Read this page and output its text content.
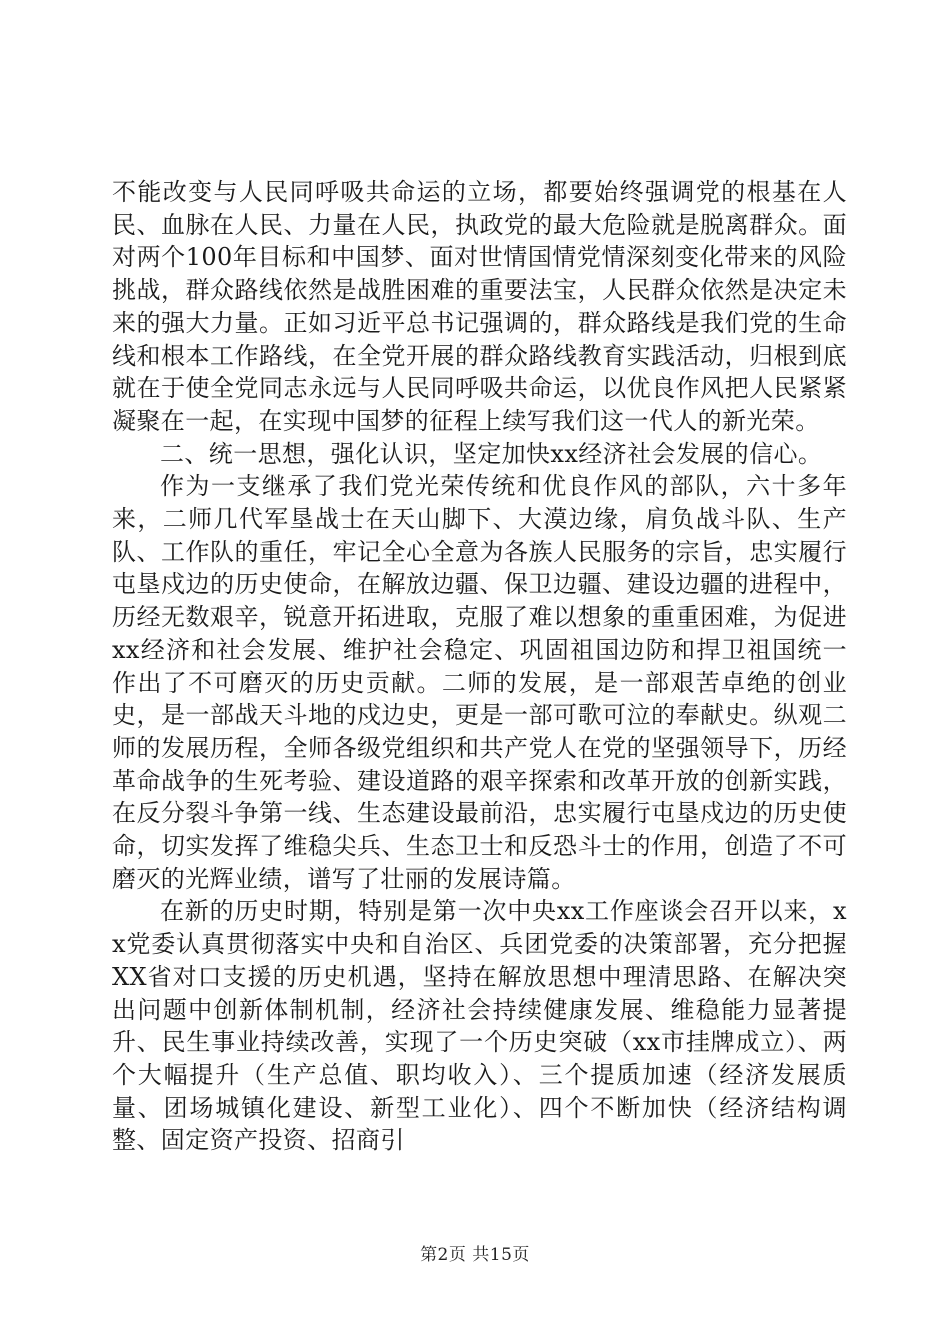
不能改变与人民同呼吸共命运的立场，都要始终强调党的根基在人民、血脉在人民、力量在人民，执政党的最大危险就是脱离群众。面对两个100年目标和中国梦、面对世情国情党情深刻变化带来的风险挑战，群众路线依然是战胜困难的重要法宝，人民群众依然是决定未来的强大力量。正如习近平总书记强调的，群众路线是我们党的生命线和根本工作路线，在全党开展的群众路线教育实践活动，归根到底就在于使全党同志永远与人民同呼吸共命运，以优良作风把人民紧紧凝聚在一起，在实现中国梦的征程上续写我们这一代人的新光荣。

二、统一思想，强化认识，坚定加快xx经济社会发展的信心。

作为一支继承了我们党光荣传统和优良作风的部队，六十多年来，二师几代军垦战士在天山脚下、大漠边缘，肩负战斗队、生产队、工作队的重任，牢记全心全意为各族人民服务的宗旨，忠实履行屯垦戍边的历史使命，在解放边疆、保卫边疆、建设边疆的进程中，历经无数艰辛，锐意开拓进取，克服了难以想象的重重困难，为促进xx经济和社会发展、维护社会稳定、巩固祖国边防和捍卫祖国统一作出了不可磨灭的历史贡献。二师的发展，是一部艰苦卓绝的创业史，是一部战天斗地的戍边史，更是一部可歌可泣的奉献史。纵观二师的发展历程，全师各级党组织和共产党人在党的坚强领导下，历经革命战争的生死考验、建设道路的艰辛探索和改革开放的创新实践，在反分裂斗争第一线、生态建设最前沿，忠实履行屯垦戍边的历史使命，切实发挥了维稳尖兵、生态卫士和反恐斗士的作用，创造了不可磨灭的光辉业绩，谱写了壮丽的发展诗篇。

在新的历史时期，特别是第一次中央xx工作座谈会召开以来，xx党委认真贯彻落实中央和自治区、兵团党委的决策部署，充分把握XX省对口支援的历史机遇，坚持在解放思想中理清思路、在解决突出问题中创新体制机制，经济社会持续健康发展、维稳能力显著提升、民生事业持续改善，实现了一个历史突破（xx市挂牌成立）、两个大幅提升（生产总值、职均收入）、三个提质加速（经济发展质量、团场城镇化建设、新型工业化）、四个不断加快（经济结构调整、固定资产投资、招商引

第2页 共15页
